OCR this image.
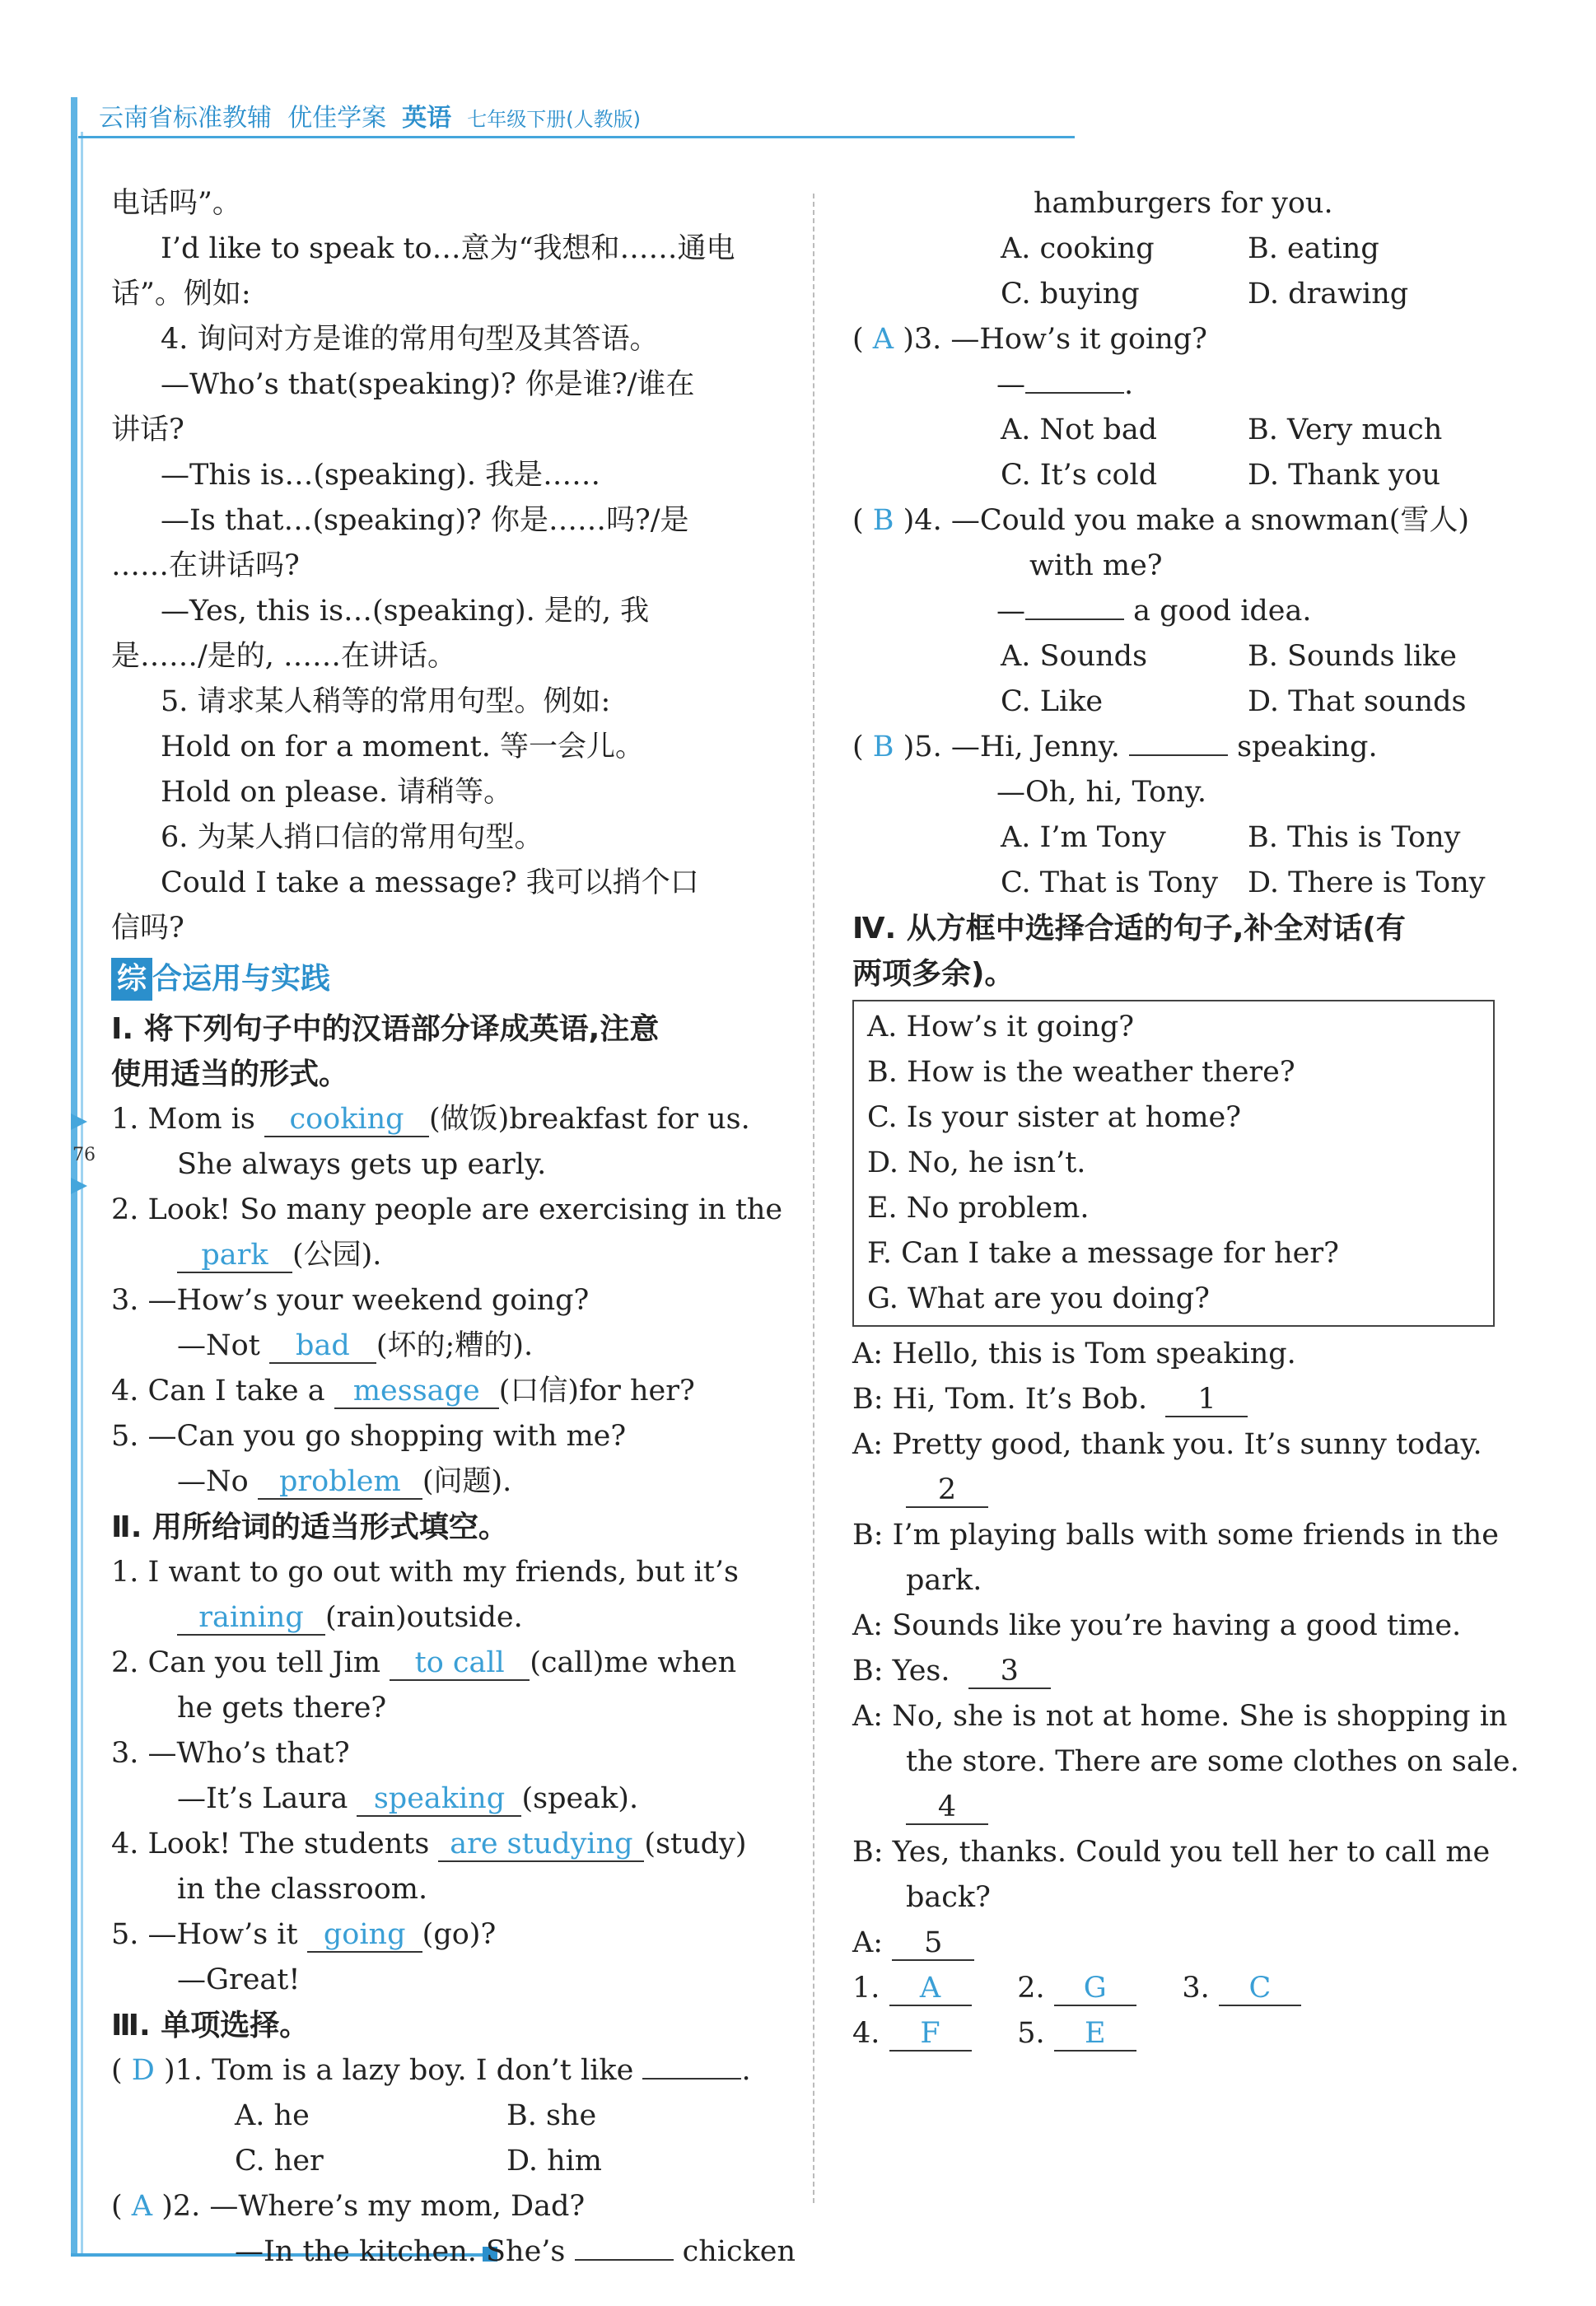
76
云南省标准教辅 优佳学案 英语 七年级下册(人教版)

电话吗”。

I’d like to speak to…意为“我想和……通电

话”。例如:

4. 询问对方是谁的常用句型及其答语。

—Who’s that(speaking)? 你是谁?/谁在

讲话?

—This is…(speaking). 我是……

—Is that…(speaking)? 你是……吗?/是

……在讲话吗?

—Yes, this is…(speaking). 是的, 我

是……/是的, ……在讲话。

5. 请求某人稍等的常用句型。例如:

Hold on for a moment. 等一会儿。

Hold on please. 请稍等。

6. 为某人捎口信的常用句型。

Could I take a message? 我可以捎个口

信吗?

综 合运用与实践

Ⅰ. 将下列句子中的汉语部分译成英语,注意

使用适当的形式。

1. Mom is cooking (做饭)breakfast for us.

She always gets up early.

2. Look! So many people are exercising in the

park (公园).

3. —How’s your weekend going?

—Not bad (坏的;糟的).

4. Can I take a message (口信)for her?

5. —Can you go shopping with me?

—No problem (问题).

Ⅱ. 用所给词的适当形式填空。

1. I want to go out with my friends, but it’s

raining (rain)outside.

2. Can you tell Jim to call (call)me when

he gets there?

3. —Who’s that?

—It’s Laura speaking (speak).

4. Look! The students are studying (study)

in the classroom.

5. —How’s it going (go)?

—Great!

Ⅲ. 单项选择。

( D )1. Tom is a lazy boy. I don’t like	.

A. he	B. she

C. her	D. him

( A )2. —Where’s my mom, Dad?

—In the kitchen. She’s	chicken

hamburgers for you.

A. cooking	B. eating

C. buying	D. drawing

( A )3. —How’s it going?

—	.

A. Not bad	B. Very much

C. It’s cold	D. Thank you

( B )4. —Could you make a snowman(雪人)

with me?

—	a good idea.

A. Sounds	B. Sounds like

C. Like	D. That sounds

( B )5. —Hi, Jenny.	speaking.

—Oh, hi, Tony.

A. I’m Tony	B. This is Tony

C. That is Tony D. There is Tony

Ⅳ. 从方框中选择合适的句子,补全对话(有

两项多余)。

A. How’s it going?

B. How is the weather there?

C. Is your sister at home?

D. No, he isn’t.

E. No problem.

F. Can I take a message for her?

G. What are you doing?

A: Hello, this is Tom speaking.

B: Hi, Tom. It’s Bob. 1

A: Pretty good, thank you. It’s sunny today.

2

B: I’m playing balls with some friends in the

park.

A: Sounds like you’re having a good time.

B: Yes. 3

A: No, she is not at home. She is shopping in

the store. There are some clothes on sale.

4

B: Yes, thanks. Could you tell her to call me

back?

A: 5

1. A	2. G	3. C

4. F	5. E
